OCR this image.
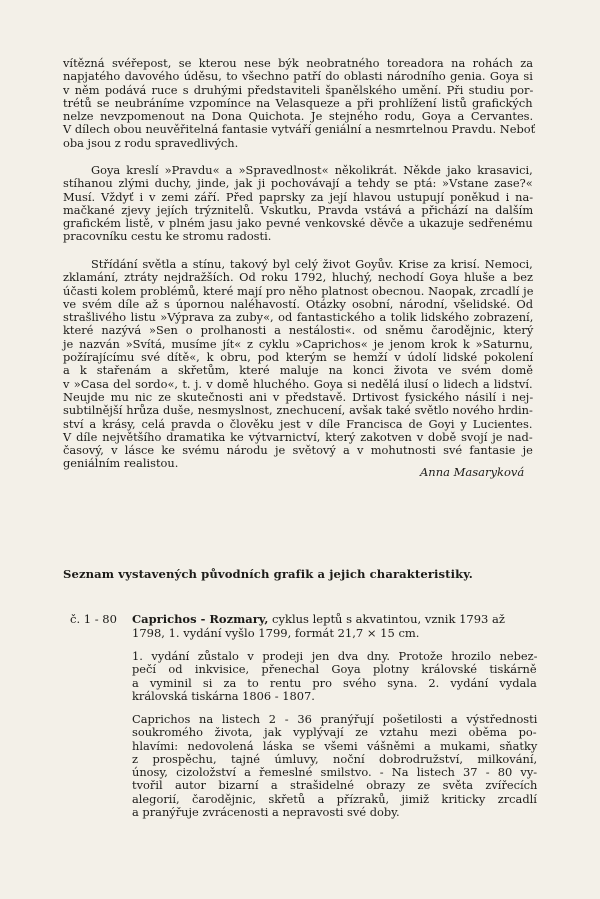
vítězná svéřepost, se kterou nese býk neobratného toreadora na rohách za
napjatého davového úděsu, to všechno patří do oblasti národního genia. Goya si
v něm podává ruce s druhými představiteli španělského umění. Při studiu por-
trétů se neubráníme vzpomínce na Velasqueze a při prohlížení listů grafických
nelze nevzpomenout na Dona Quichota. Je stejného rodu, Goya a Cervantes.
V dílech obou neuvěřitelná fantasie vytváří geniální a nesmrtelnou Pravdu. Neboť
oba jsou z rodu spravedlivých.

Goya kreslí »Pravdu« a »Spravedlnost« několikrát. Někde jako krasavici,
stíhanou zlými duchy, jinde, jak ji pochovávají a tehdy se ptá: »Vstane zase?«
Musí. Vždyť i v zemi září. Před paprsky za její hlavou ustupují poněkud i na-
mačkané zjevy jejích trýznitelů. Vskutku, Pravda vstává a přichází na dalším
grafickém listě, v plném jasu jako pevné venkovské děvče a ukazuje sedřenému
pracovníku cestu ke stromu radosti.

Střídání světla a stínu, takový byl celý život Goyův. Krise za krisí. Nemoci,
zklamání, ztráty nejdražších. Od roku 1792, hluchý, nechodí Goya hluše a bez
účasti kolem problémů, které mají pro něho platnost obecnou. Naopak, zrcadlí je
ve svém díle až s úpornou naléhavostí. Otázky osobní, národní, všelidské. Od
strašlivého listu »Výprava za zuby«, od fantastického a tolik lidského zobrazení,
které nazývá »Sen o prolhanosti a nestálosti«. od sněmu čarodějnic, který
je nazván »Svítá, musíme jít« z cyklu »Caprichos« je jenom krok k »Saturnu,
požírajícímu své dítě«, k obru, pod kterým se hemží v údolí lidské pokolení
a k stařenám a skřetům, které maluje na konci života ve svém domě
v »Casa del sordo«, t. j. v domě hluchého. Goya si nedělá ilusí o lidech a lidství.
Neujde mu nic ze skutečnosti ani v představě. Drtivost fysického násilí i nej-
subtilnější hrůza duše, nesmyslnost, znechucení, avšak také světlo nového hrdin-
ství a krásy, celá pravda o člověku jest v díle Francisca de Goyi y Lucientes.
V díle největšího dramatika ke výtvarnictví, který zakotven v době svojí je nad-
časový, v lásce ke svému národu je světový a v mohutnosti své fantasie je
geniálním realistou.

Anna Masaryková
Seznam vystavených původních grafik a jejich charakteristiky.
č. 1 - 80 Caprichos - Rozmary, cyklus leptů s akvatintou, vznik 1793 až
1798, 1. vydání vyšlo 1799, formát 21,7 × 15 cm.

1. vydání zůstalo v prodeji jen dva dny. Protože hrozilo nebez-
pečí od inkvisice, přenechal Goya plotny královské tiskárně
a vyminil si za to rentu pro svého syna. 2. vydání vydala
královská tiskárna 1806 - 1807.

Caprichos na listech 2 - 36 pranýřují pošetilosti a výstřednosti
soukromého života, jak vyplývají ze vztahu mezi oběma po-
hlavími: nedovolená láska se všemi vášněmi a mukami, sňatky
z prospěchu, tajné úmluvy, noční dobrodružství, milkování,
únosy, cizoložství a řemeslné smilstvo. - Na listech 37 - 80 vy-
tvořil autor bizarní a strašidelné obrazy ze světa zvířecích
alegorií, čarodějnic, skřetů a přízraků, jimiž kriticky zrcadlí
a pranýřuje zvrácenosti a nepravosti své doby.
